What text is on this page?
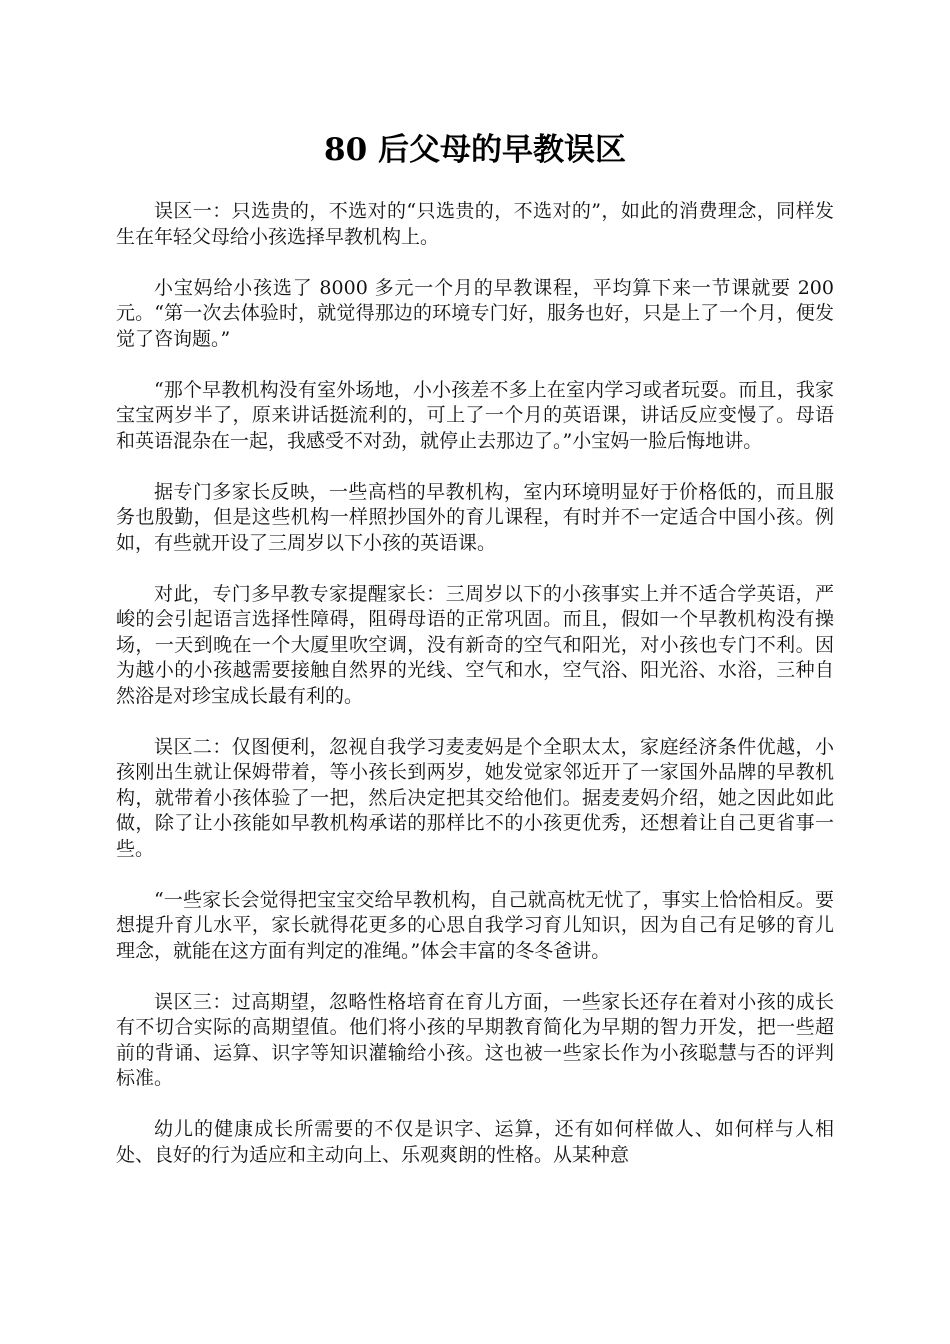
80 后父母的早教误区

误区一：只选贵的，不选对的“只选贵的，不选对的”，如此的消费理念，同样发生在年轻父母给小孩选择早教机构上。

小宝妈给小孩选了 8000 多元一个月的早教课程，平均算下来一节课就要 200 元。“第一次去体验时，就觉得那边的环境专门好，服务也好，只是上了一个月，便发觉了咨询题。”

“那个早教机构没有室外场地，小小孩差不多上在室内学习或者玩耍。而且，我家宝宝两岁半了，原来讲话挺流利的，可上了一个月的英语课，讲话反应变慢了。母语和英语混杂在一起，我感受不对劲，就停止去那边了。”小宝妈一脸后悔地讲。

据专门多家长反映，一些高档的早教机构，室内环境明显好于价格低的，而且服务也殷勤，但是这些机构一样照抄国外的育儿课程，有时并不一定适合中国小孩。例如，有些就开设了三周岁以下小孩的英语课。

对此，专门多早教专家提醒家长：三周岁以下的小孩事实上并不适合学英语，严峻的会引起语言选择性障碍，阻碍母语的正常巩固。而且，假如一个早教机构没有操场，一天到晚在一个大厦里吹空调，没有新奇的空气和阳光，对小孩也专门不利。因为越小的小孩越需要接触自然界的光线、空气和水，空气浴、阳光浴、水浴，三种自然浴是对珍宝成长最有利的。

误区二：仅图便利，忽视自我学习麦麦妈是个全职太太，家庭经济条件优越，小孩刚出生就让保姆带着，等小孩长到两岁，她发觉家邻近开了一家国外品牌的早教机构，就带着小孩体验了一把，然后决定把其交给他们。据麦麦妈介绍，她之因此如此做，除了让小孩能如早教机构承诺的那样比不的小孩更优秀，还想着让自己更省事一些。

“一些家长会觉得把宝宝交给早教机构，自己就高枕无忧了，事实上恰恰相反。要想提升育儿水平，家长就得花更多的心思自我学习育儿知识，因为自己有足够的育儿理念，就能在这方面有判定的准绳。”体会丰富的冬冬爸讲。

误区三：过高期望，忽略性格培育在育儿方面，一些家长还存在着对小孩的成长有不切合实际的高期望值。他们将小孩的早期教育简化为早期的智力开发，把一些超前的背诵、运算、识字等知识灌输给小孩。这也被一些家长作为小孩聪慧与否的评判标准。

幼儿的健康成长所需要的不仅是识字、运算，还有如何样做人、如何样与人相处、良好的行为适应和主动向上、乐观爽朗的性格。从某种意
